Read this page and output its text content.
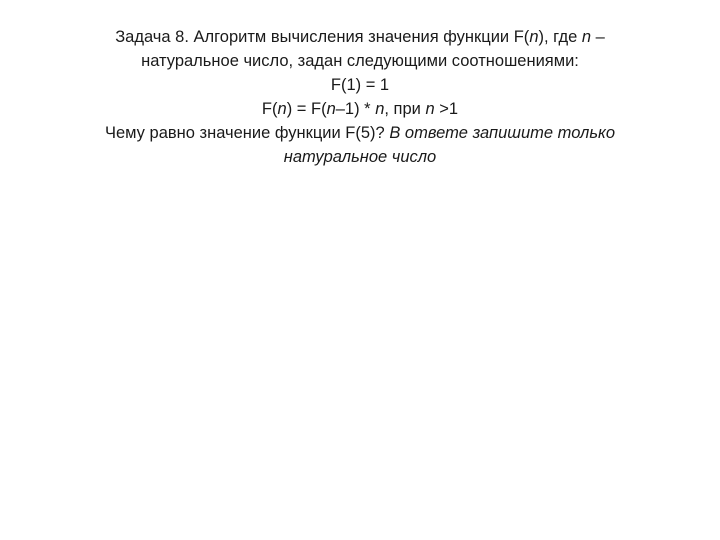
Задача 8. Алгоритм вычисления значения функции F(n), где n –
натуральное число, задан следующими соотношениями:
F(1) = 1
F(n) = F(n–1) * n, при n >1
Чему равно значение функции F(5)? В ответе запишите только
натуральное число
